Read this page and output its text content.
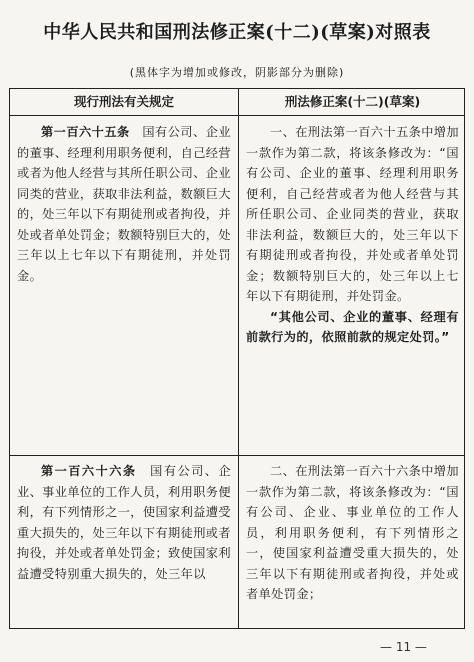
中华人民共和国刑法修正案(十二)(草案)对照表
(黑体字为增加或修改，阴影部分为删除)
现行刑法有关规定	刑法修正案(十二)(草案)

第一百六十五条  国有公司、企业的董事、经理利用职务便利，自己经营或者为他人经营与其所任职公司、企业同类的营业，获取非法利益，数额巨大的，处三年以下有期徒刑或者拘役，并处或者单处罚金；数额特别巨大的，处三年以上七年以下有期徒刑，并处罚金。

一、在刑法第一百六十五条中增加一款作为第二款，将该条修改为：“国有公司、企业的董事、经理利用职务便利，自己经营或者为他人经营与其所任职公司、企业同类的营业，获取非法利益，数额巨大的，处三年以下有期徒刑或者拘役，并处或者单处罚金；数额特别巨大的，处三年以上七年以下有期徒刑，并处罚金。

“其他公司、企业的董事、经理有前款行为的，依照前款的规定处罚。”

第一百六十六条  国有公司、企业、事业单位的工作人员，利用职务便利，有下列情形之一，使国家利益遭受重大损失的，处三年以下有期徒刑或者拘役，并处或者单处罚金；致使国家利益遭受特别重大损失的，处三年以

二、在刑法第一百六十六条中增加一款作为第二款，将该条修改为：“国有公司、企业、事业单位的工作人员，利用职务便利，有下列情形之一，使国家利益遭受重大损失的，处三年以下有期徒刑或者拘役，并处或者单处罚金；

— 11 —
